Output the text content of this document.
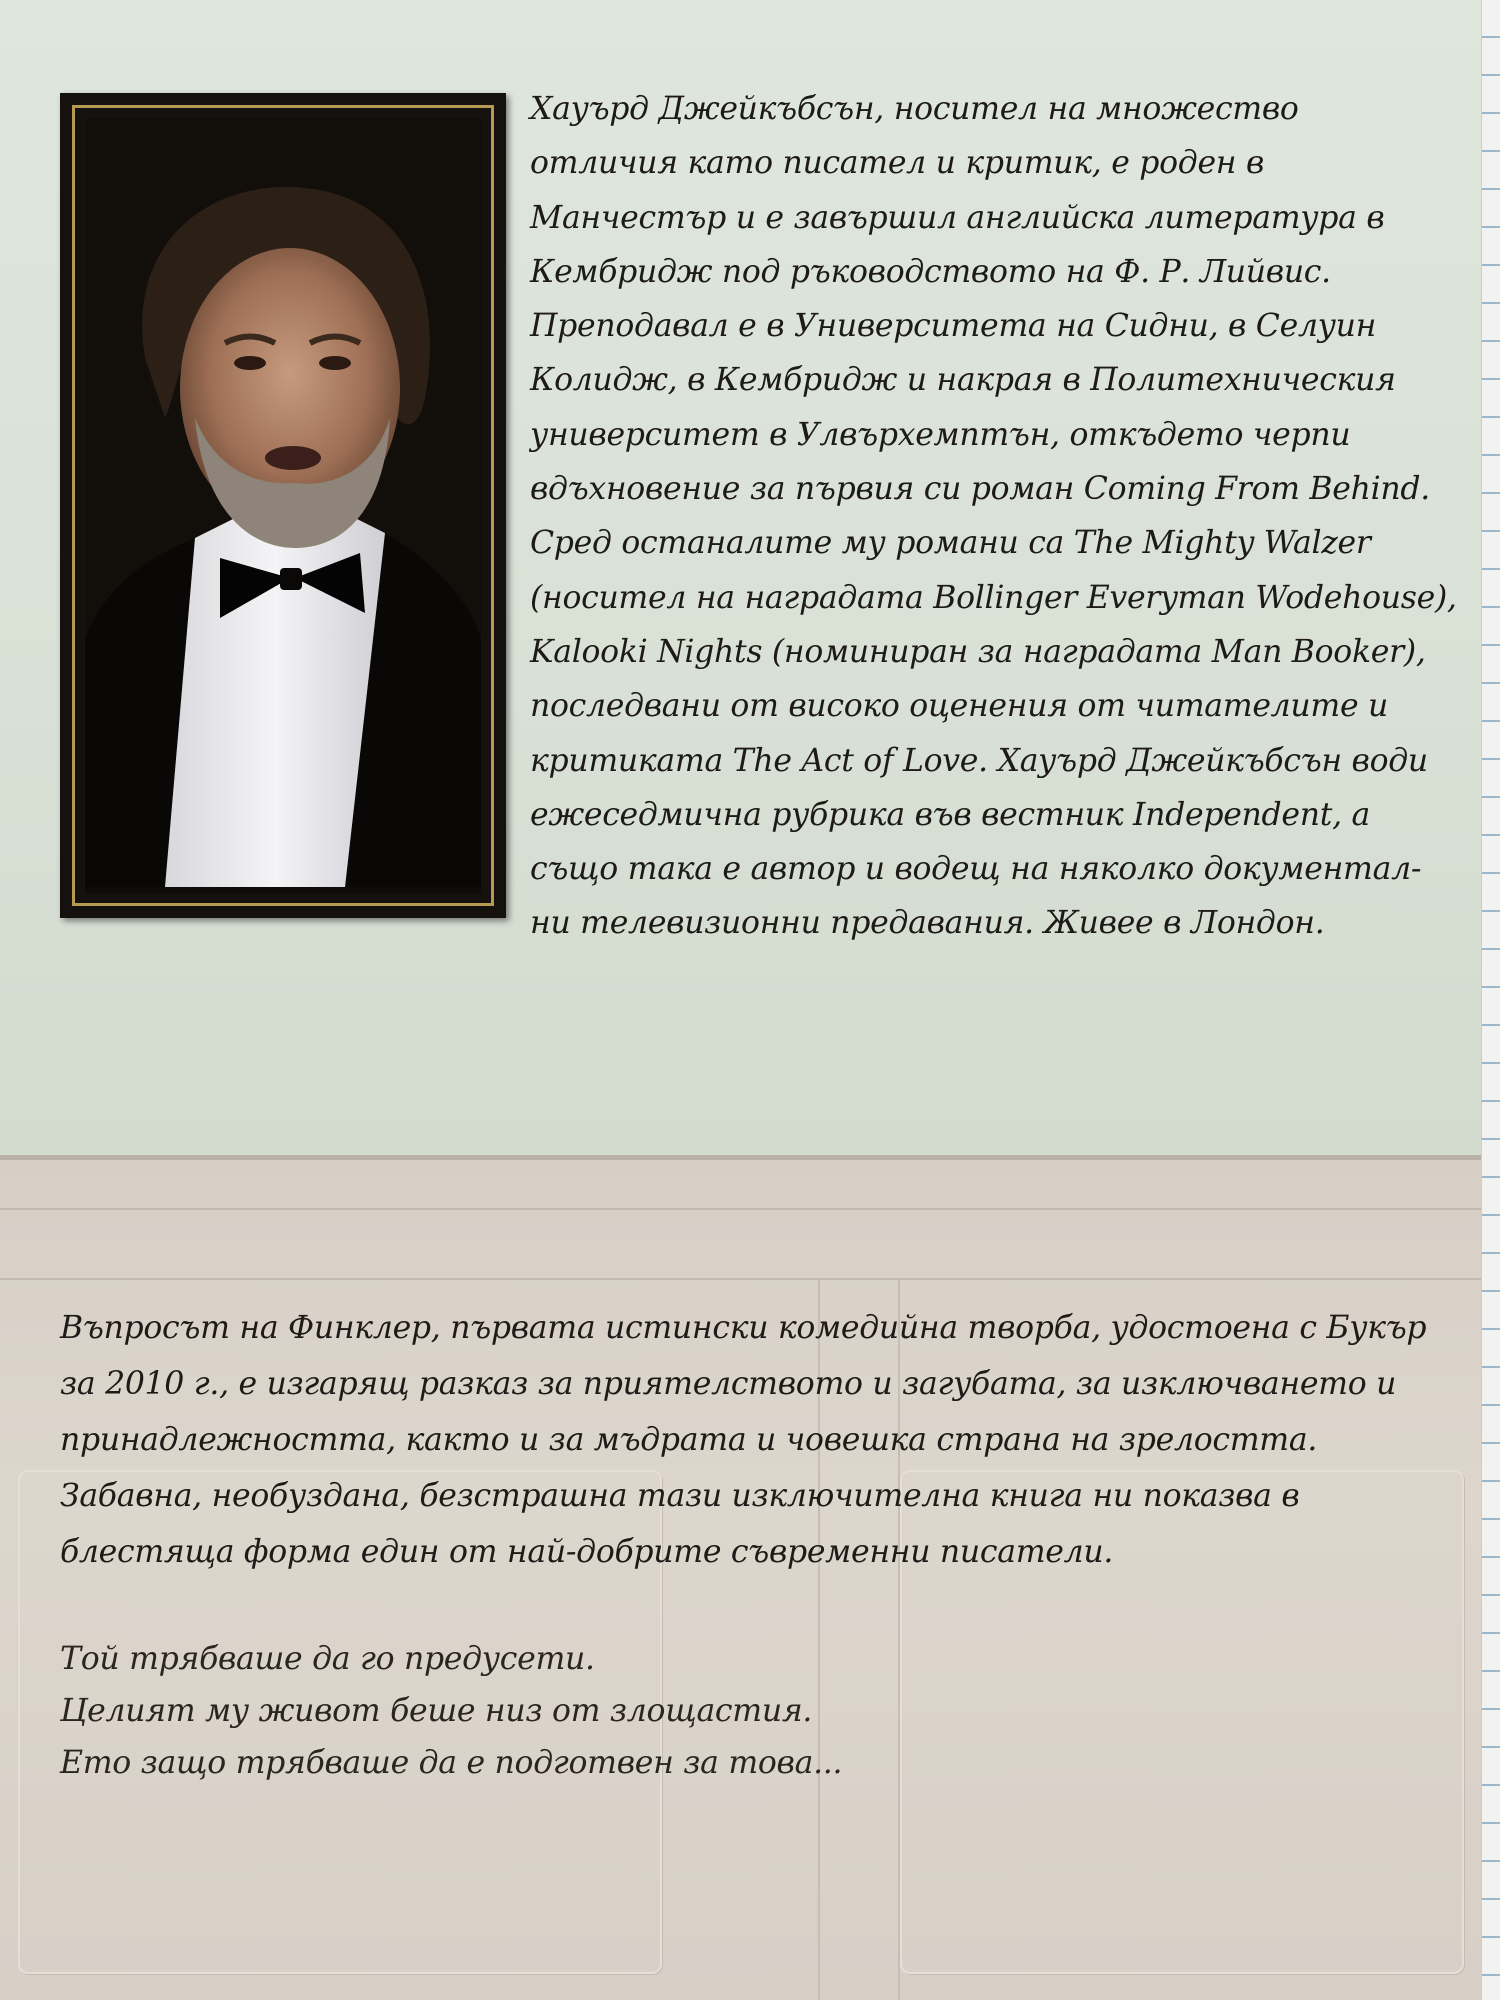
Хауърд Джейкъбсън, носител на множество
отличия като писател и критик, е роден в
Манчестър и е завършил английска литература в
Кембридж под ръководството на Ф. Р. Лийвис.
Преподавал е в Университета на Сидни, в Селуин
Колидж, в Кембридж и накрая в Политехническия
университет в Улвърхемптън, откъдето черпи
вдъхновение за първия си роман Coming From Behind.
Сред останалите му романи са The Mighty Walzer
(носител на наградата Bollinger Everyman Wodehouse),
Kalooki Nights (номиниран за наградата Man Booker),
последвани от високо оценения от читателите и
критиката The Act of Love. Хауърд Джейкъбсън води
ежеседмична рубрика във вестник Independent, а
също така е автор и водещ на няколко документал-
ни телевизионни предавания. Живее в Лондон.

Въпросът на Финклер, първата истински комедийна творба, удостоена с Букър
за 2010 г., е изгарящ разказ за приятелството и загубата, за изключването и
принадлежността, както и за мъдрата и човешка страна на зрелостта.
Забавна, необуздана, безстрашна тази изключителна книга ни показва в
блестяща форма един от най-добрите съвременни писатели.

Той трябваше да го предусети.
Целият му живот беше низ от злощастия.
Ето защо трябваше да е подготвен за това...
